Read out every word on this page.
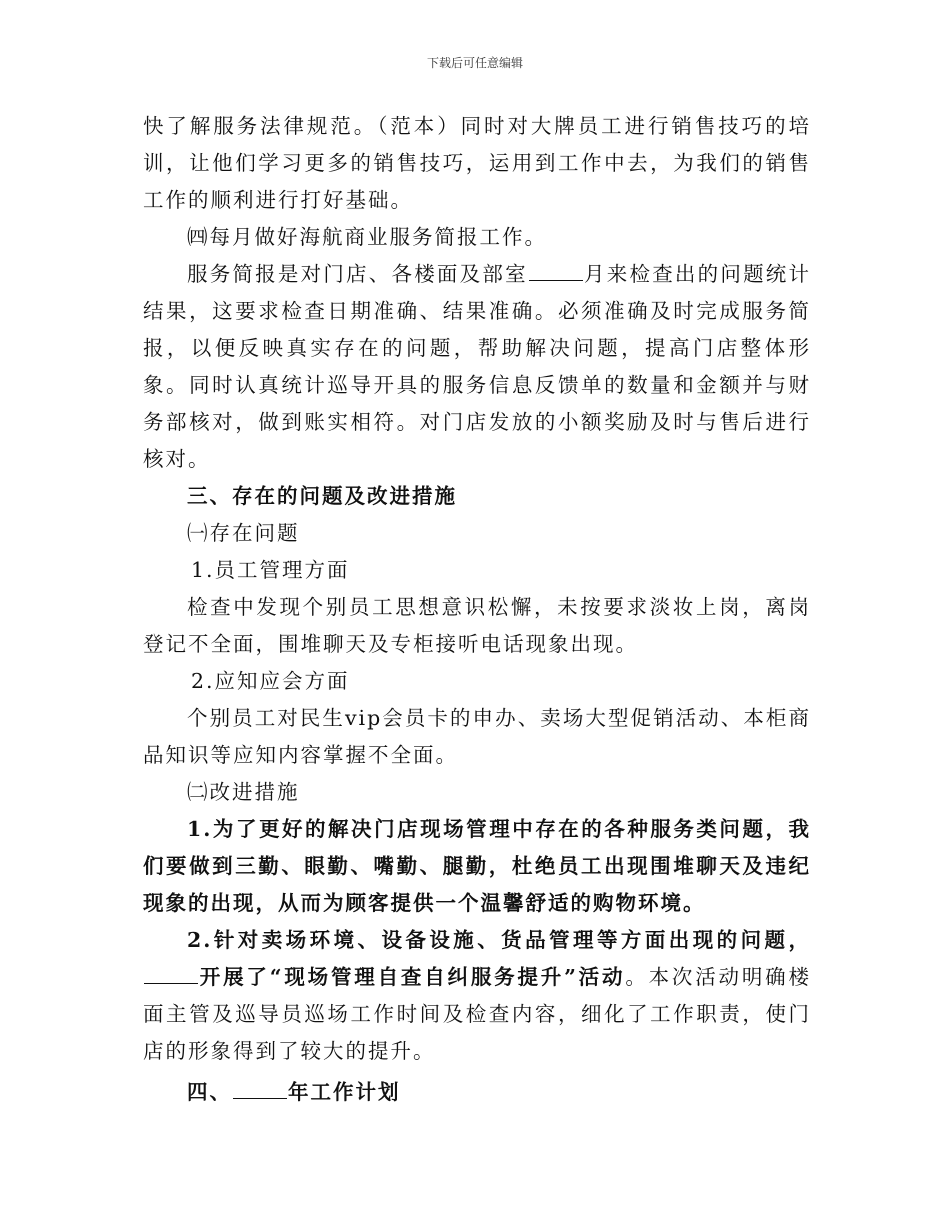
下载后可任意编辑

快了解服务法律规范。（范本）同时对大牌员工进行销售技巧的培训，让他们学习更多的销售技巧，运用到工作中去，为我们的销售工作的顺利进行打好基础。

㈣每月做好海航商业服务简报工作。

服务简报是对门店、各楼面及部室	月来检查出的问题统计结果，这要求检查日期准确、结果准确。必须准确及时完成服务简报，以便反映真实存在的问题，帮助解决问题，提高门店整体形象。同时认真统计巡导开具的服务信息反馈单的数量和金额并与财务部核对，做到账实相符。对门店发放的小额奖励及时与售后进行核对。

三、存在的问题及改进措施

㈠存在问题

1.员工管理方面

检查中发现个别员工思想意识松懈，未按要求淡妆上岗，离岗登记不全面，围堆聊天及专柜接听电话现象出现。

2.应知应会方面

个别员工对民生vip会员卡的申办、卖场大型促销活动、本柜商品知识等应知内容掌握不全面。

㈡改进措施

1.为了更好的解决门店现场管理中存在的各种服务类问题，我们要做到三勤、眼勤、嘴勤、腿勤，杜绝员工出现围堆聊天及违纪现象的出现，从而为顾客提供一个温馨舒适的购物环境。

2.针对卖场环境、设备设施、货品管理等方面出现的问题，开展了“现场管理自查自纠服务提升”活动。本次活动明确楼面主管及巡导员巡场工作时间及检查内容，细化了工作职责，使门店的形象得到了较大的提升。

四、	年工作计划
